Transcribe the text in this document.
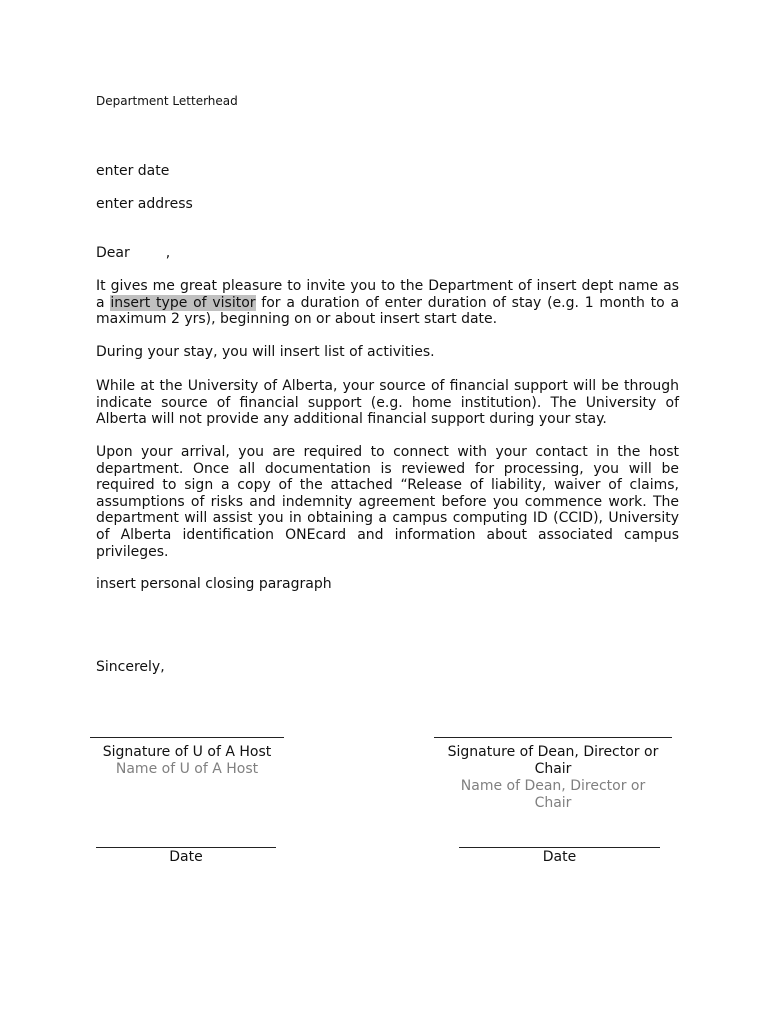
Department Letterhead
enter date
enter address
Dear	,
It gives me great pleasure to invite you to the Department of insert dept name as a insert type of visitor for a duration of enter duration of stay (e.g. 1 month to a maximum 2 yrs), beginning on or about insert start date.
During your stay, you will insert list of activities.
While at the University of Alberta, your source of financial support will be through indicate source of financial support (e.g. home institution). The University of Alberta will not provide any additional financial support during your stay.
Upon your arrival, you are required to connect with your contact in the host department. Once all documentation is reviewed for processing, you will be required to sign a copy of the attached “Release of liability, waiver of claims, assumptions of risks and indemnity agreement before you commence work. The department will assist you in obtaining a campus computing ID (CCID), University of Alberta identification ONEcard and information about associated campus privileges.
insert personal closing paragraph
Sincerely,
Signature of U of A Host
Name of U of A Host
Signature of Dean, Director or Chair
Name of Dean, Director or Chair
Date	Date
